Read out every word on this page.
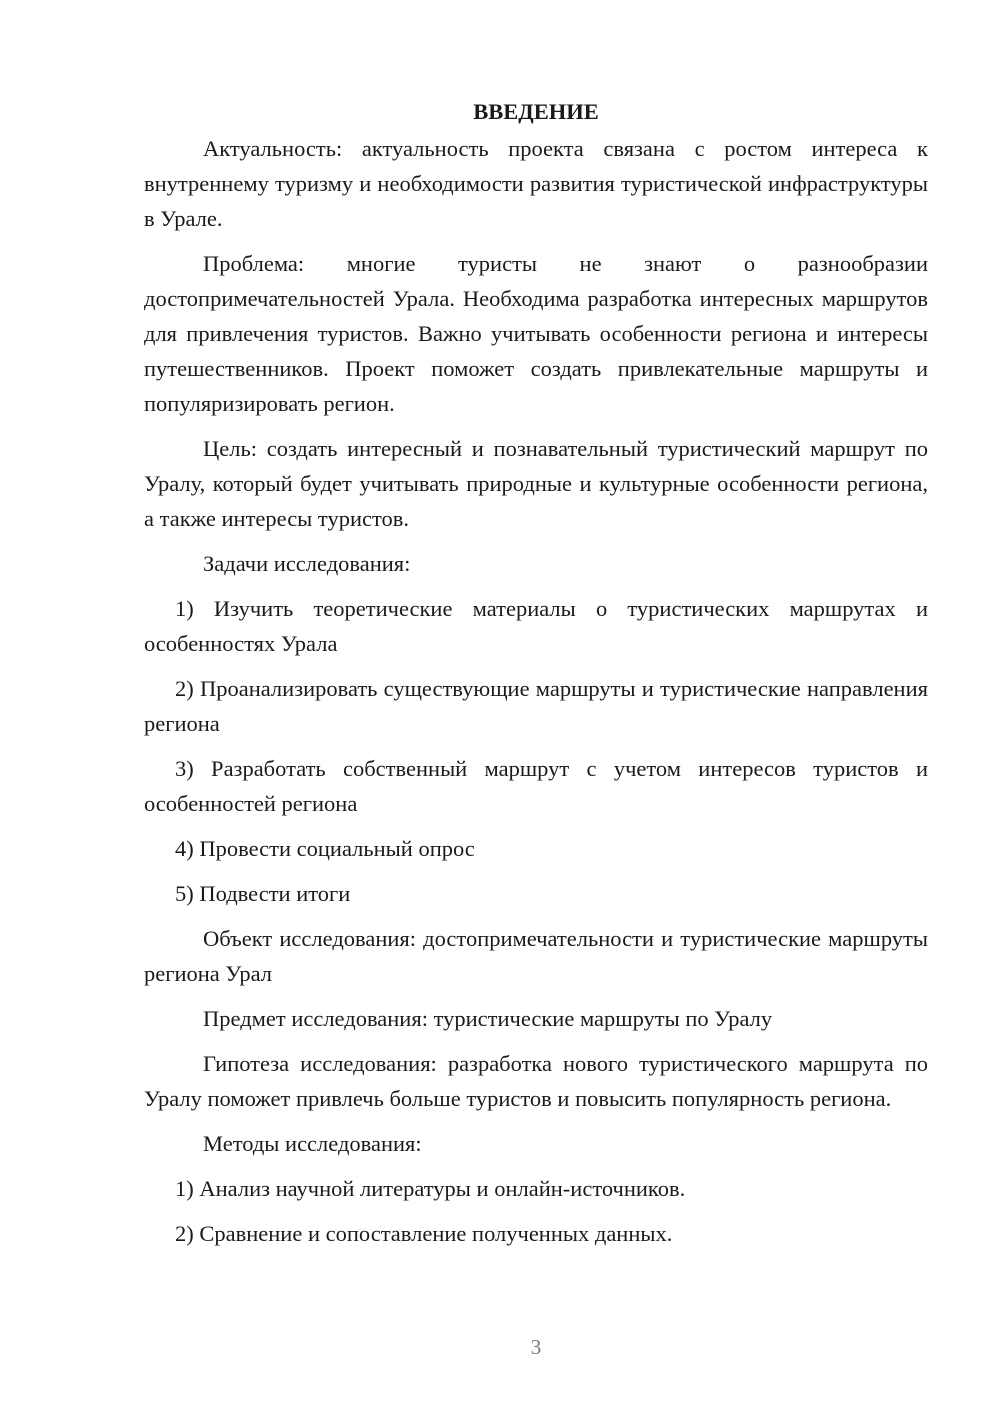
ВВЕДЕНИЕ

Актуальность: актуальность проекта связана с ростом интереса к внутреннему туризму и необходимости развития туристической инфраструктуры в Урале.

Проблема: многие туристы не знают о разнообразии достопримечательностей Урала. Необходима разработка интересных маршрутов для привлечения туристов. Важно учитывать особенности региона и интересы путешественников. Проект поможет создать привлекательные маршруты и популяризировать регион.

Цель: создать интересный и познавательный туристический маршрут по Уралу, который будет учитывать природные и культурные особенности региона, а также интересы туристов.

Задачи исследования:

1) Изучить теоретические материалы о туристических маршрутах и особенностях Урала

2) Проанализировать существующие маршруты и туристические направления региона

3) Разработать собственный маршрут с учетом интересов туристов и особенностей региона

4) Провести социальный опрос

5) Подвести итоги

Объект исследования: достопримечательности и туристические маршруты региона Урал

Предмет исследования: туристические маршруты по Уралу

Гипотеза исследования: разработка нового туристического маршрута по Уралу поможет привлечь больше туристов и повысить популярность региона.

Методы исследования:

1) Анализ научной литературы и онлайн-источников.

2) Сравнение и сопоставление полученных данных.

3
